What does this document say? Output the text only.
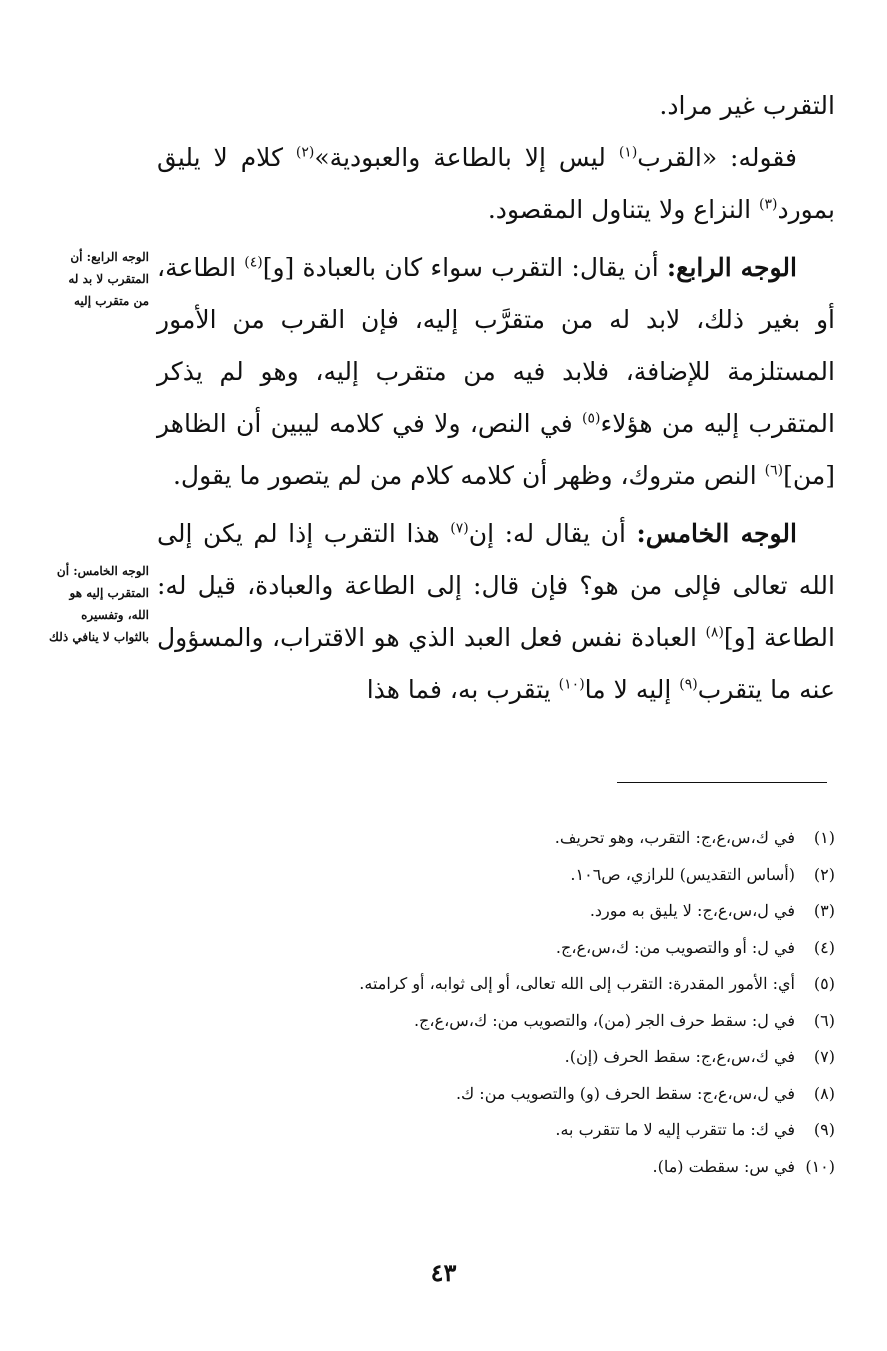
التقرب غير مراد.

فقوله: «القرب$^{(١)}$ ليس إلا بالطاعة والعبودية»$^{(٢)}$ كلام لا يليق بمورد$^{(٣)}$ النزاع ولا يتناول المقصود.

الوجه الرابع: أن يقال: التقرب سواء كان بالعبادة [و]$^{(٤)}$ الطاعة، أو بغير ذلك، لابد له من متقرَّب إليه، فإن القرب من الأمور المستلزمة للإضافة، فلابد فيه من متقرب إليه، وهو لم يذكر المتقرب إليه من هؤلاء$^{(٥)}$ في النص، ولا في كلامه ليبين أن الظاهر [من]$^{(٦)}$ النص متروك، وظهر أن كلامه كلام من لم يتصور ما يقول.

الوجه الخامس: أن يقال له: إن$^{(٧)}$ هذا التقرب إذا لم يكن إلى الله تعالى فإلى من هو؟ فإن قال: إلى الطاعة والعبادة، قيل له: الطاعة [و]$^{(٨)}$ العبادة نفس فعل العبد الذي هو الاقتراب، والمسؤول عنه ما يتقرب$^{(٩)}$ إليه لا ما$^{(١٠)}$ يتقرب به، فما هذا

الوجه الرابع: أن المتقرب لا بد له من متقرب إليه
الوجه الخامس: أن المتقرب إليه هو الله، وتفسيره بالثواب لا ينافي ذلك
(١)
في ك،س،ع،ج: التقرب، وهو تحريف.
(٢)
(أساس التقديس) للرازي، ص١٠٦.
(٣)
في ل،س،ع،ج: لا يليق به مورد.
(٤)
في ل: أو والتصويب من: ك،س،ع،ج.
(٥)
أي: الأمور المقدرة: التقرب إلى الله تعالى، أو إلى ثوابه، أو كرامته.
(٦)
في ل: سقط حرف الجر (من)، والتصويب من: ك،س،ع،ج.
(٧)
في ك،س،ع،ج: سقط الحرف (إن).
(٨)
في ل،س،ع،ج: سقط الحرف (و) والتصويب من: ك.
(٩)
في ك: ما تتقرب إليه لا ما تتقرب به.
(١٠)
في س: سقطت (ما).
٤٣
